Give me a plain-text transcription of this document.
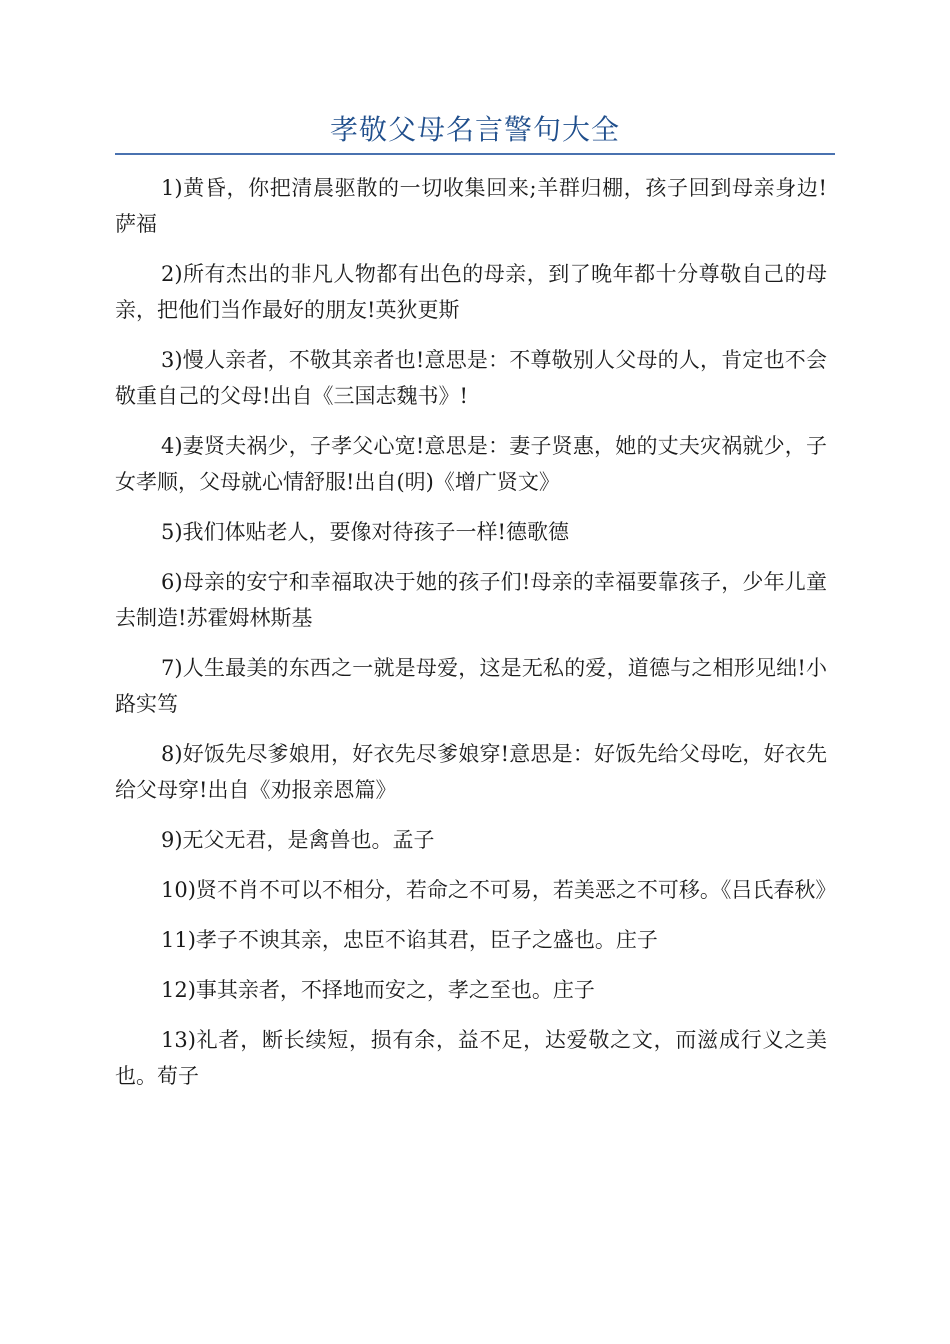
孝敬父母名言警句大全

1)黄昏，你把清晨驱散的一切收集回来;羊群归棚，孩子回到母亲身边!萨福

2)所有杰出的非凡人物都有出色的母亲，到了晚年都十分尊敬自己的母亲，把他们当作最好的朋友!英狄更斯

3)慢人亲者，不敬其亲者也!意思是：不尊敬别人父母的人，肯定也不会敬重自己的父母!出自《三国志魏书》!

4)妻贤夫祸少，子孝父心宽!意思是：妻子贤惠，她的丈夫灾祸就少，子女孝顺，父母就心情舒服!出自(明)《增广贤文》

5)我们体贴老人，要像对待孩子一样!德歌德

6)母亲的安宁和幸福取决于她的孩子们!母亲的幸福要靠孩子，少年儿童去制造!苏霍姆林斯基

7)人生最美的东西之一就是母爱，这是无私的爱，道德与之相形见绌!小路实笃

8)好饭先尽爹娘用，好衣先尽爹娘穿!意思是：好饭先给父母吃，好衣先给父母穿!出自《劝报亲恩篇》

9)无父无君，是禽兽也。孟子

10)贤不肖不可以不相分，若命之不可易，若美恶之不可移。《吕氏春秋》

11)孝子不谀其亲，忠臣不谄其君，臣子之盛也。庄子

12)事其亲者，不择地而安之，孝之至也。庄子

13)礼者，断长续短，损有余，益不足，达爱敬之文，而滋成行义之美也。荀子
